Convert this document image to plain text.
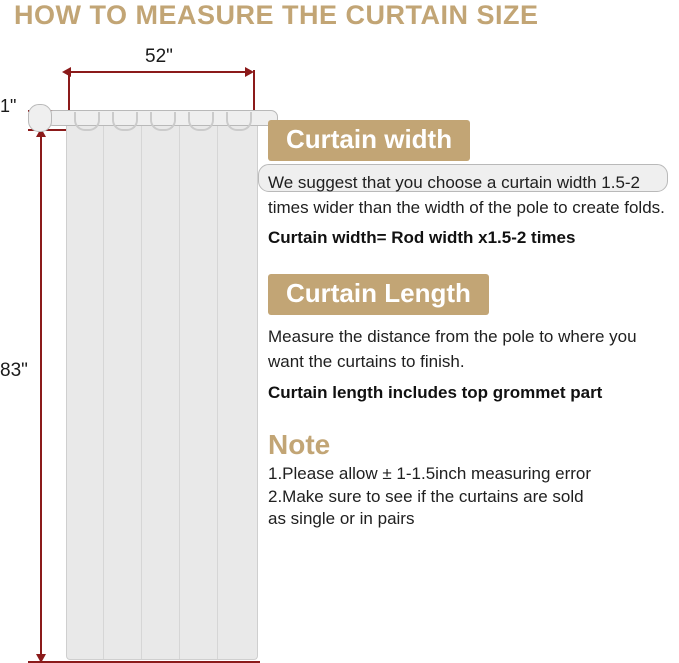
HOW TO MEASURE THE CURTAIN SIZE
52"
1"
83"
Curtain width

We suggest that you choose a curtain width 1.5-2 times wider than the width of the pole to create folds.

Curtain width= Rod width x1.5-2 times

Curtain Length

Measure the distance from the pole to where you want the curtains to finish.

Curtain length includes top grommet part

Note

1.Please allow ± 1-1.5inch measuring error

2.Make sure to see if the curtains are sold

as single or in pairs
